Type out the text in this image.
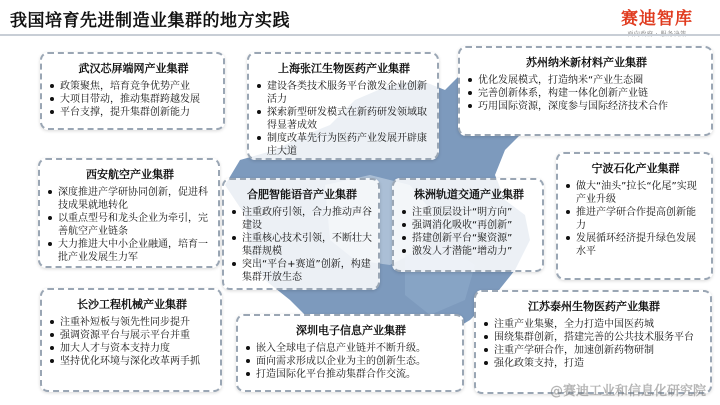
我国培育先进制造业集群的地方实践	赛迪智库
武汉芯屏端网产业集群
政策聚焦，培育竞争优势产业
大项目带动，推动集群跨越发展
平台支撑，提升集群创新能力
上海张江生物医药产业集群
建设各类技术服务平台激发企业创新活力
探索新型研发模式在新药研发领域取得显著成效
制度改革先行为医药产业发展开辟康庄大道
苏州纳米新材料产业集群
优化发展模式，打造纳米“产业生态圈
完善创新体系，构建一体化创新产业链
巧用国际资源，深度参与国际经济技术合作
西安航空产业集群
深度推进产学研协同创新，促进科技成果就地转化
以重点型号和龙头企业为牵引，完善航空产业链条
大力推进大中小企业融通，培育一批产业发展生力军
合肥智能语音产业集群
注重政府引领，合力推动声谷建设
注重核心技术引领，不断壮大集群规模
突出“平台+赛道”创新，构建集群开放生态
株洲轨道交通产业集群
注重顶层设计“明方向”
强调消化吸收“再创新”
搭建创新平台“聚资源”
激发人才潜能“增动力”
宁波石化产业集群
做大“油头”拉长“化尾”实现产业升级
推进产学研合作提高创新能力
发展循环经济提升绿色发展水平
长沙工程机械产业集群
注重补短板与领先性同步提升
强调资源平台与展示平台并重
加大人才与资本支持力度
坚持优化环境与深化改革两手抓
深圳电子信息产业集群
嵌入全球电子信息产业链并不断升级。
面向需求形成以企业为主的创新生态。
打造国际化平台推动集群合作交流。
江苏泰州生物医药产业集群
注重产业集聚，全力打造中国医药城
围绕集群创新，搭建完善的公共技术服务平台
注重产学研合作，加速创新药物研制
强化政策支持，打造
@赛迪工业和信息化研究院
